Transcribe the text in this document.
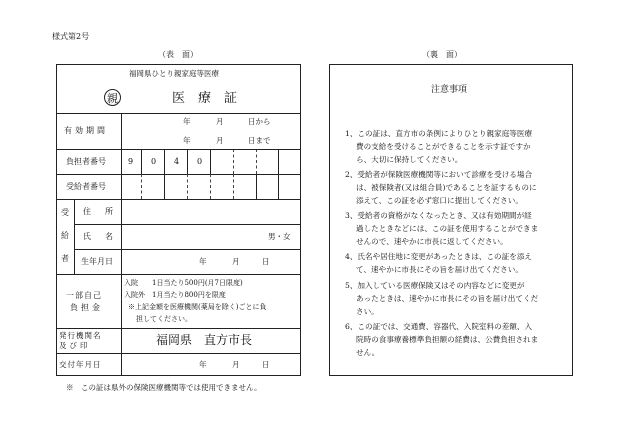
様式第2号
（表　面）	（裏　面）
福岡県ひとり親家庭等医療
親	医　療　証
有効期間
年	月	日から
年	月	日まで
負担者番号	9 0 4 0
受給者番号
受
給
者
住　所
氏　名	男・女
生年月日	年	月	日
一部自己
負担金
入院　　1日当たり500円(月7日限度)
入院外　1月当たり800円を限度
※上記金額を医療機関(薬局を除く)ごとに負
担してください。
発行機関名
及び印	福岡県　直方市長
交付年月日	年	月	日
※　この証は県外の保険医療機関等では使用できません。
注意事項
1、この証は、直方市の条例によりひとり親家庭等医療
費の支給を受けることができることを示す証ですか
ら、大切に保持してください。
2、受給者が保険医療機関等において診療を受ける場合
は、被保険者(又は組合員)であることを証するものに
添えて、この証を必ず窓口に提出してください。
3、受給者の資格がなくなったとき、又は有効期間が経
過したときなどには、この証を使用することができま
せんので、速やかに市長に返してください。
4、氏名や居住地に変更があったときは、この証を添え
て、速やかに市長にその旨を届け出てください。
5、加入している医療保険又はその内容などに変更が
あったときは、速やかに市長にその旨を届け出てくだ
さい。
6、この証では、交通費、容器代、入院室料の差額、入
院時の食事療養標準負担額の経費は、公費負担されま
せん。
